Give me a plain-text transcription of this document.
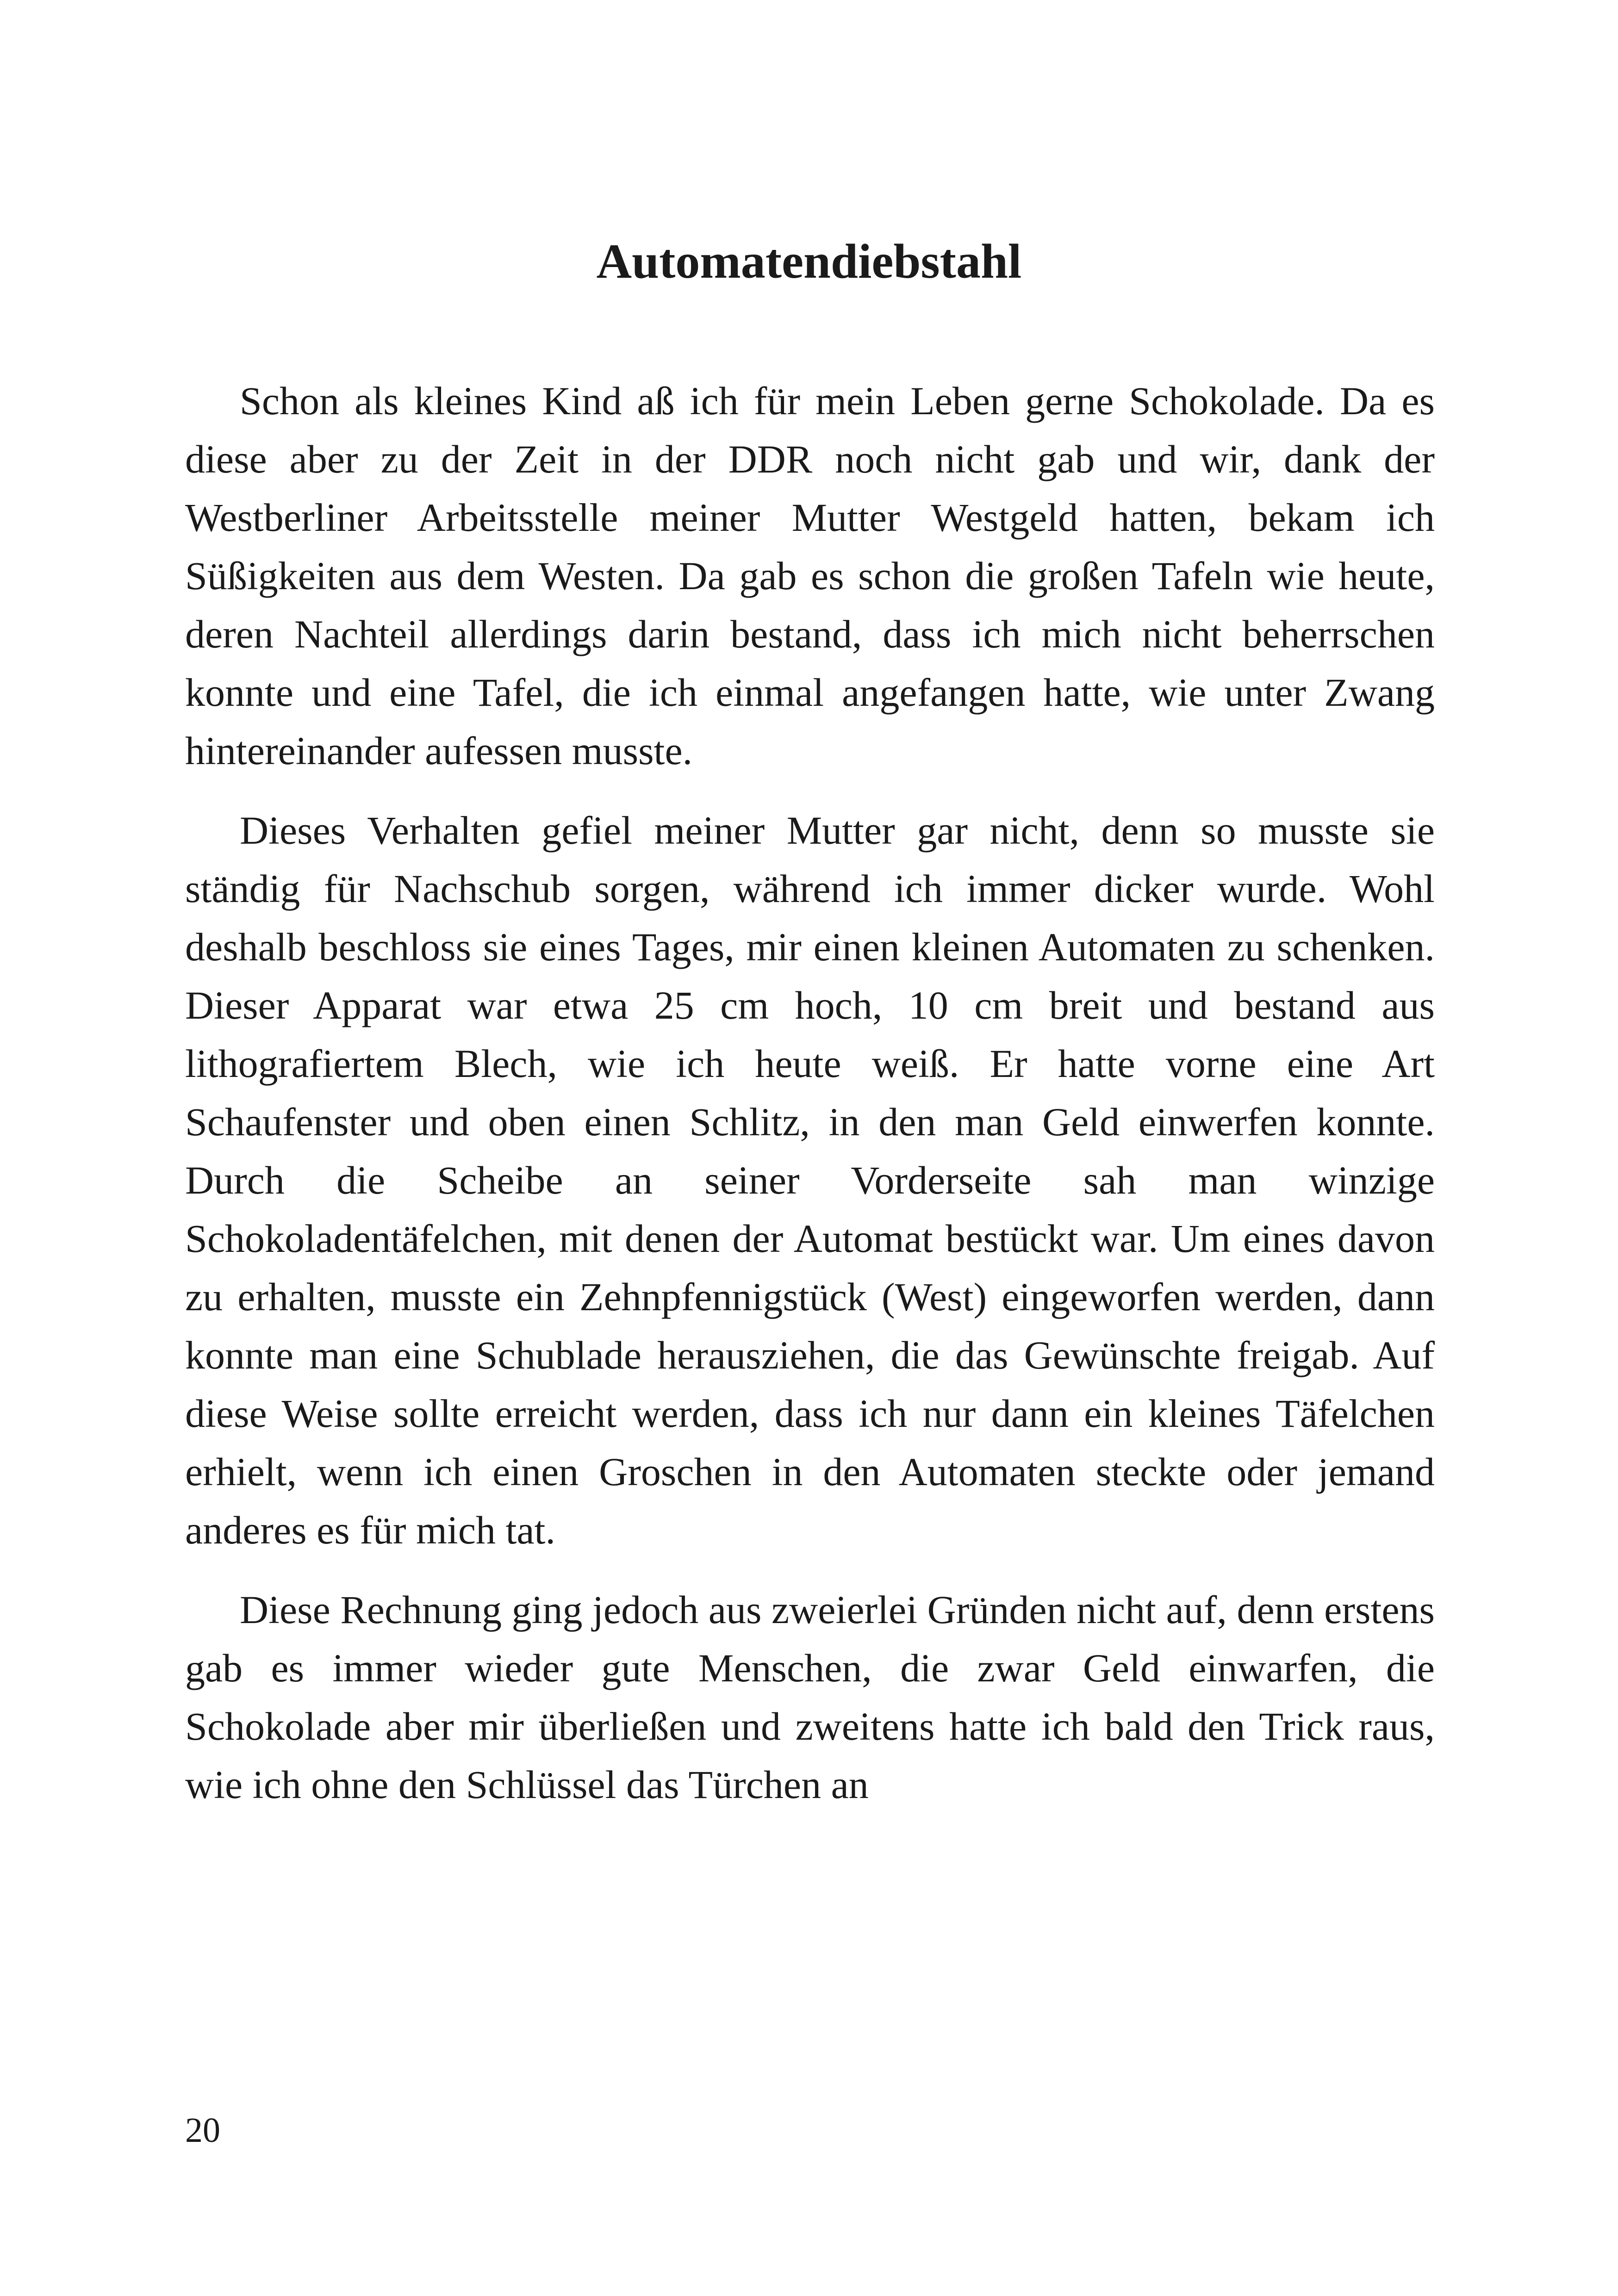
Automatendiebstahl

Schon als kleines Kind aß ich für mein Leben gerne Schokolade. Da es diese aber zu der Zeit in der DDR noch nicht gab und wir, dank der Westberliner Arbeitsstelle meiner Mutter Westgeld hatten, bekam ich Süßigkeiten aus dem Westen. Da gab es schon die großen Tafeln wie heute, deren Nachteil allerdings darin bestand, dass ich mich nicht beherrschen konnte und eine Tafel, die ich einmal angefangen hatte, wie unter Zwang hintereinander aufessen musste.

Dieses Verhalten gefiel meiner Mutter gar nicht, denn so musste sie ständig für Nachschub sorgen, während ich immer dicker wurde. Wohl deshalb beschloss sie eines Tages, mir einen kleinen Automaten zu schenken. Dieser Apparat war etwa 25 cm hoch, 10 cm breit und bestand aus lithografiertem Blech, wie ich heute weiß. Er hatte vorne eine Art Schaufenster und oben einen Schlitz, in den man Geld einwerfen konnte. Durch die Scheibe an seiner Vorderseite sah man winzige Schokoladentäfelchen, mit denen der Automat bestückt war. Um eines davon zu erhalten, musste ein Zehnpfennigstück (West) eingeworfen werden, dann konnte man eine Schublade herausziehen, die das Gewünschte freigab. Auf diese Weise sollte erreicht werden, dass ich nur dann ein kleines Täfelchen erhielt, wenn ich einen Groschen in den Automaten steckte oder jemand anderes es für mich tat.

Diese Rechnung ging jedoch aus zweierlei Gründen nicht auf, denn erstens gab es immer wieder gute Menschen, die zwar Geld einwarfen, die Schokolade aber mir überließen und zweitens hatte ich bald den Trick raus, wie ich ohne den Schlüssel das Türchen an

20
